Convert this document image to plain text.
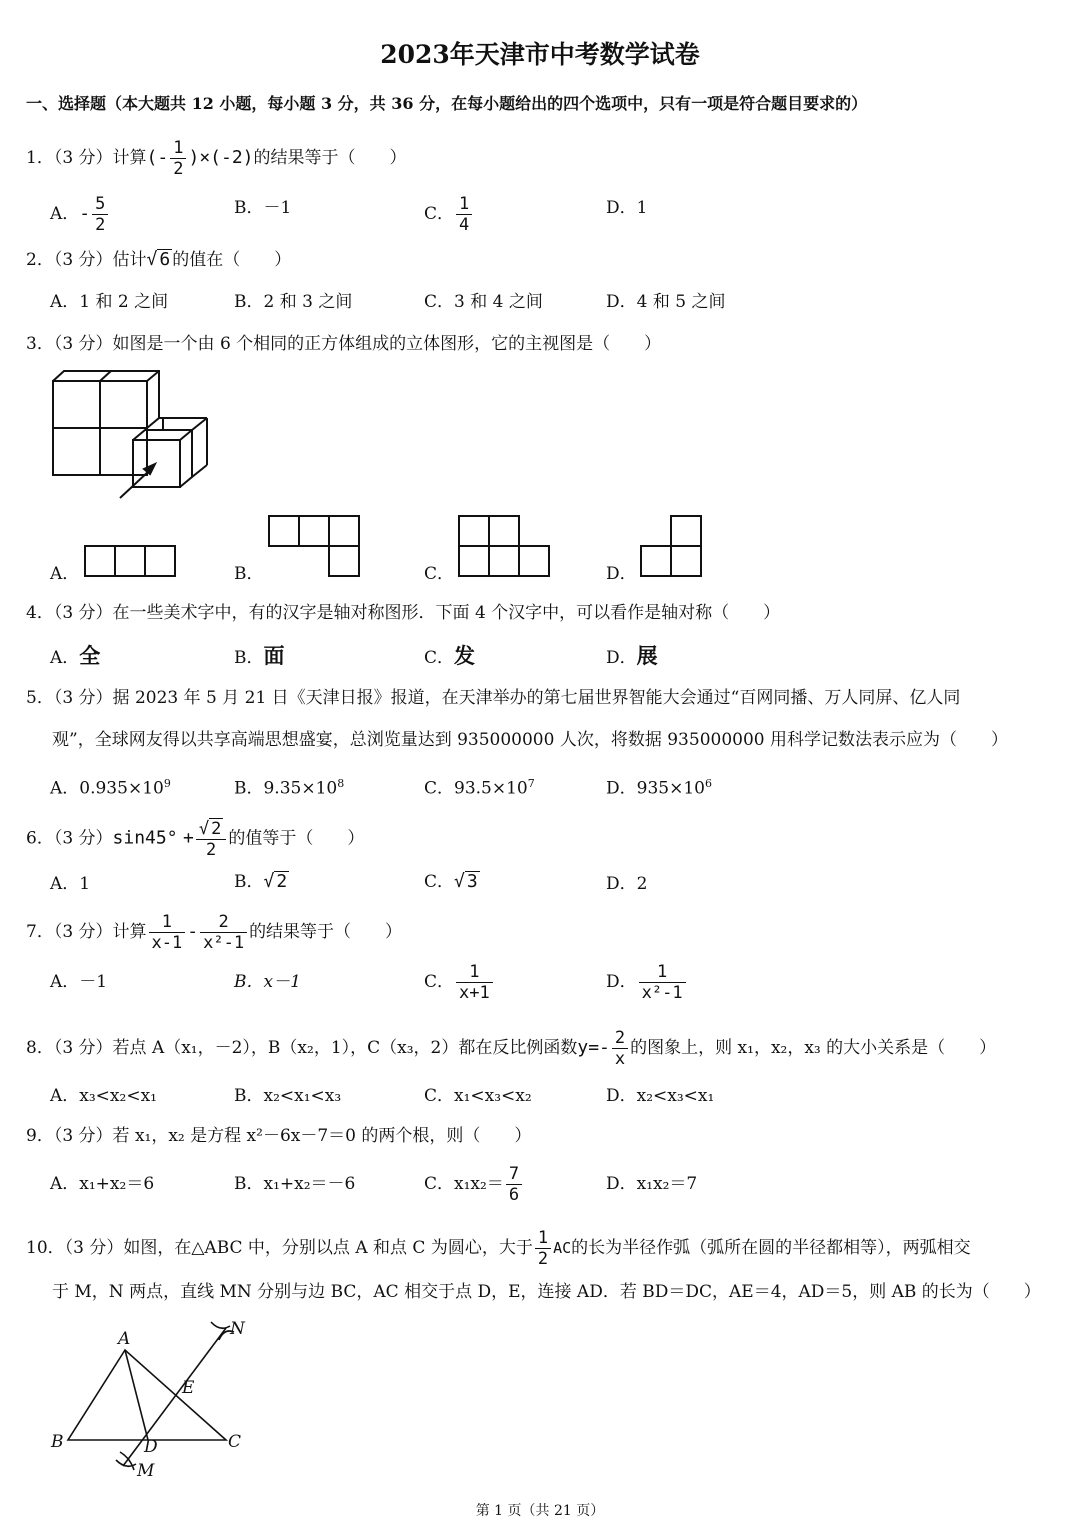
2023年天津市中考数学试卷
一、选择题（本大题共 12 小题，每小题 3 分，共 36 分，在每小题给出的四个选项中，只有一项是符合题目要求的）
1．（3 分）计算(- $\frac{1}{2} )\times(-2)$的结果等于（　　）
A．- $\frac{5}{2}$	B．－1	C． $\frac{1}{4}$	D．1
2．（3 分）估计√ 6 的值在（　　）
A．1 和 2 之间	B．2 和 3 之间	C．3 和 4 之间	D．4 和 5 之间
3．（3 分）如图是一个由 6 个相同的正方体组成的立体图形，它的主视图是（　　）
A．	B．	C．	D．
4．（3 分）在一些美术字中，有的汉字是轴对称图形．下面 4 个汉字中，可以看作是轴对称（　　）
A．全	B．面	C．发	D．展
5．（3 分）据 2023 年 5 月 21 日《天津日报》报道，在天津举办的第七届世界智能大会通过“百网同播、万人同屏、亿人同
观”，全球网友得以共享高端思想盛宴，总浏览量达到 935000000 人次，将数据 935000000 用科学记数法表示应为（　　）
A．$0.935\times 10^9$	B．$9.35\times 10^8$	C．$93.5\times 10^7$	D．$935\times 10^6$
6．（3 分）$\sin 45^\circ + \frac{√ 2}{2}$ 的值等于（　　）
A．1	B．√ 2	C．√ 3	D．2
7．（3 分）计算 $\frac{1}{x-1} - \frac{2}{\text{x²-1}}$ 的结果等于（　　）
A．－1	B．x－1	C． $\frac{1}{x+1}$	D． $\frac{1}{\text{x²-1}}$
8．（3 分）若点 A（x₁，－2），B（x₂，1），C（x₃，2）都在反比例函数$y=- \frac{2}{x}$ 的图象上，则 x₁，x₂，x₃ 的大小关系是（　　）
A．x₃<x₂<x₁	B．x₂<x₁<x₃	C．x₁<x₃<x₂	D．x₂<x₃<x₁
9．（3 分）若 x₁，x₂ 是方程 x²－6x－7＝0 的两个根，则（　　）
A．x₁+x₂＝6	B．x₁+x₂＝－6	C．$x_1x_2= \frac{7}{6}$	D．x₁x₂＝7
10．（3 分）如图，在△ABC 中，分别以点 A 和点 C 为圆心，大于 $\frac{1}{2}$ AC的长为半径作弧（弧所在圆的半径都相等），两弧相交
于 M，N 两点，直线 MN 分别与边 BC，AC 相交于点 D，E，连接 AD．若 BD＝DC，AE＝4，AD＝5，则 AB 的长为（　　）
A
B	C
D
E
M
N
第 1 页（共 21 页）
